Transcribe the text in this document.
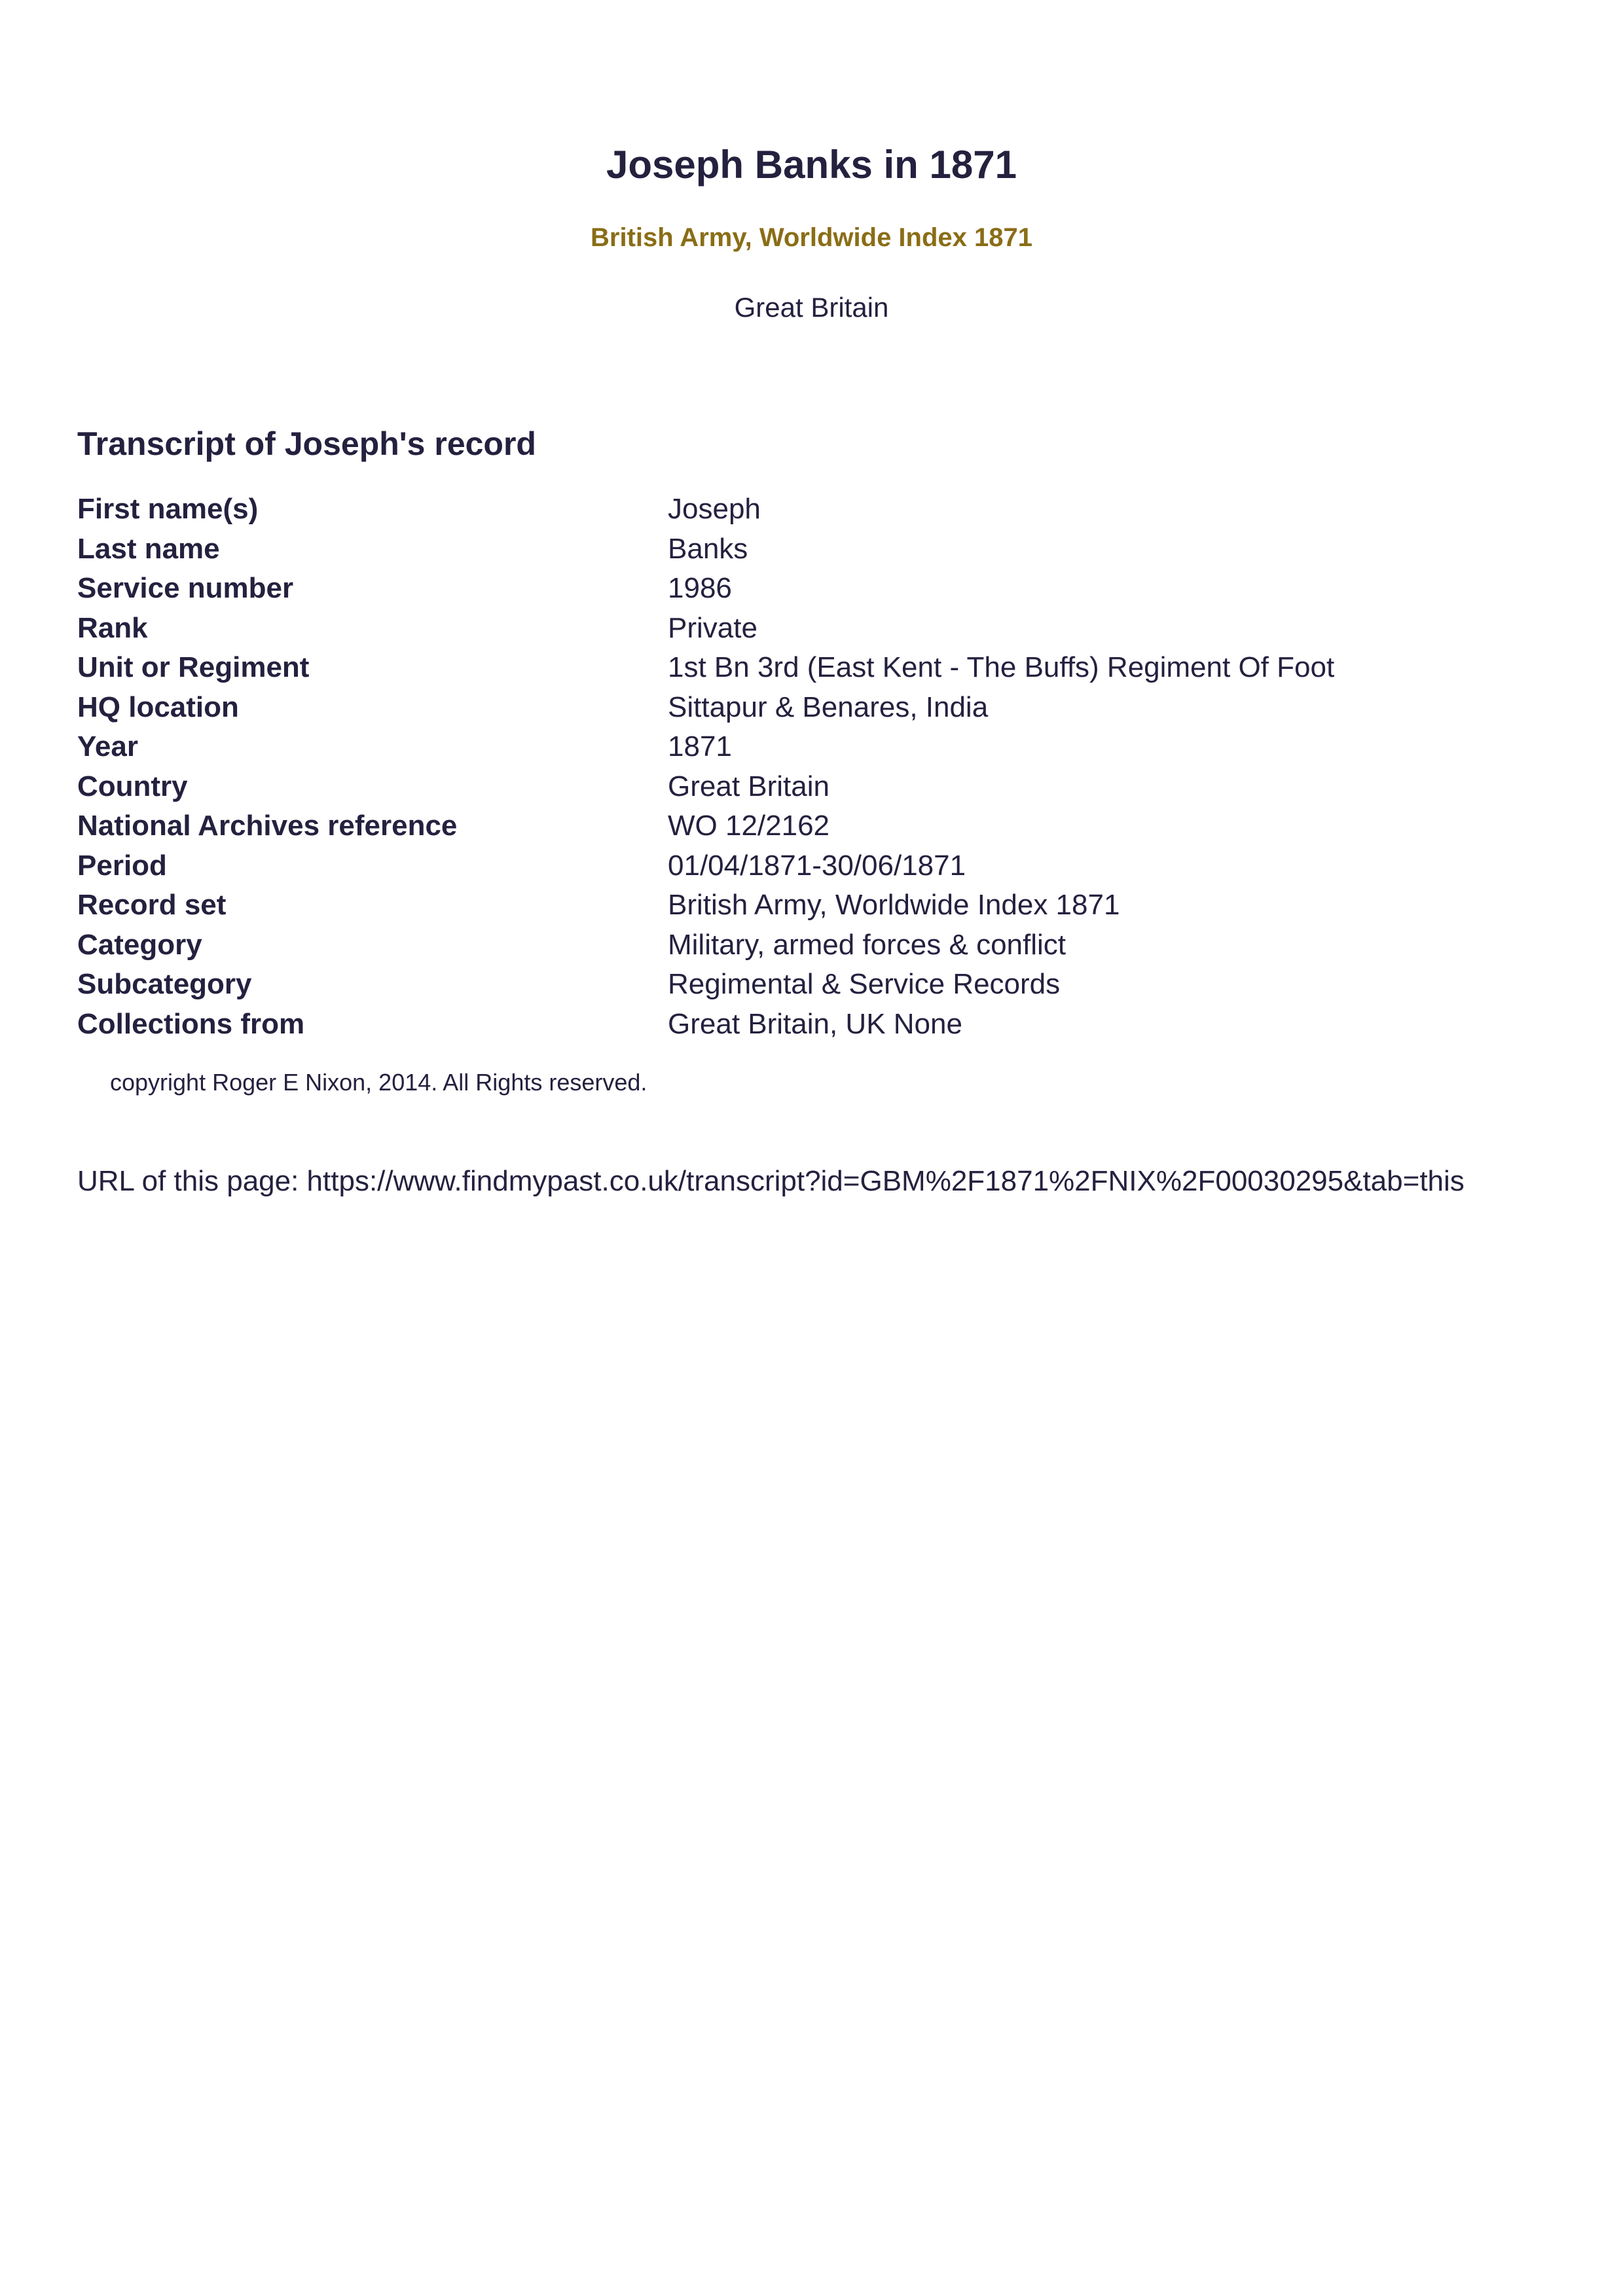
Joseph Banks in 1871
British Army, Worldwide Index 1871
Great Britain
Transcript of Joseph's record
First name(s)	Joseph
Last name	Banks
Service number	1986
Rank	Private
Unit or Regiment	1st Bn 3rd (East Kent - The Buffs) Regiment Of Foot
HQ location	Sittapur & Benares, India
Year	1871
Country	Great Britain
National Archives reference	WO 12/2162
Period	01/04/1871-30/06/1871
Record set	British Army, Worldwide Index 1871
Category	Military, armed forces & conflict
Subcategory	Regimental & Service Records
Collections from	Great Britain, UK None
copyright Roger E Nixon, 2014. All Rights reserved.
URL of this page: https://www.findmypast.co.uk/transcript?id=GBM%2F1871%2FNIX%2F00030295&tab=this
